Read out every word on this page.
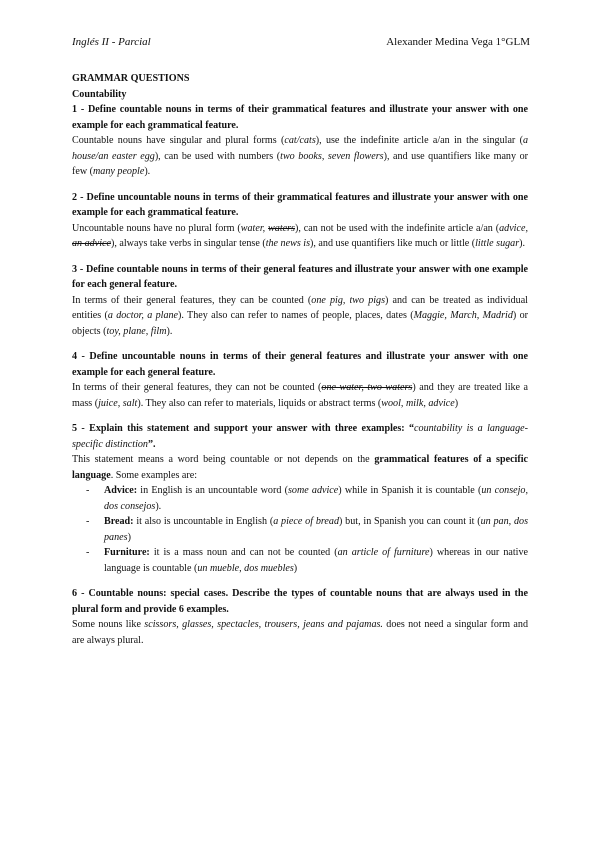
Inglés II - Parcial	Alexander Medina Vega 1°GLM
GRAMMAR QUESTIONS
Countability
1 - Define countable nouns in terms of their grammatical features and illustrate your answer with one example for each grammatical feature.

Countable nouns have singular and plural forms (cat/cats), use the indefinite article a/an in the singular (a house/an easter egg), can be used with numbers (two books, seven flowers), and use quantifiers like many or few (many people).

2 - Define uncountable nouns in terms of their grammatical features and illustrate your answer with one example for each grammatical feature.

Uncountable nouns have no plural form (water, waters), can not be used with the indefinite article a/an (advice, an advice), always take verbs in singular tense (the news is), and use quantifiers like much or little (little sugar).

3 - Define countable nouns in terms of their general features and illustrate your answer with one example for each general feature.

In terms of their general features, they can be counted (one pig, two pigs) and can be treated as individual entities (a doctor, a plane). They also can refer to names of people, places, dates (Maggie, March, Madrid) or objects (toy, plane, film).

4 - Define uncountable nouns in terms of their general features and illustrate your answer with one example for each general feature.

In terms of their general features, they can not be counted (one water, two waters) and they are treated like a mass (juice, salt). They also can refer to materials, liquids or abstract terms (wool, milk, advice)

5 - Explain this statement and support your answer with three examples: “countability is a language-specific distinction”.

This statement means a word being countable or not depends on the grammatical features of a specific language. Some examples are:

- Advice: in English is an uncountable word (some advice) while in Spanish it is countable (un consejo, dos consejos).
- Bread: it also is uncountable in English (a piece of bread) but, in Spanish you can count it (un pan, dos panes)
- Furniture: it is a mass noun and can not be counted (an article of furniture) whereas in our native language is countable (un mueble, dos muebles)
6 - Countable nouns: special cases. Describe the types of countable nouns that are always used in the plural form and provide 6 examples.

Some nouns like scissors, glasses, spectacles, trousers, jeans and pajamas. does not need a singular form and are always plural.
